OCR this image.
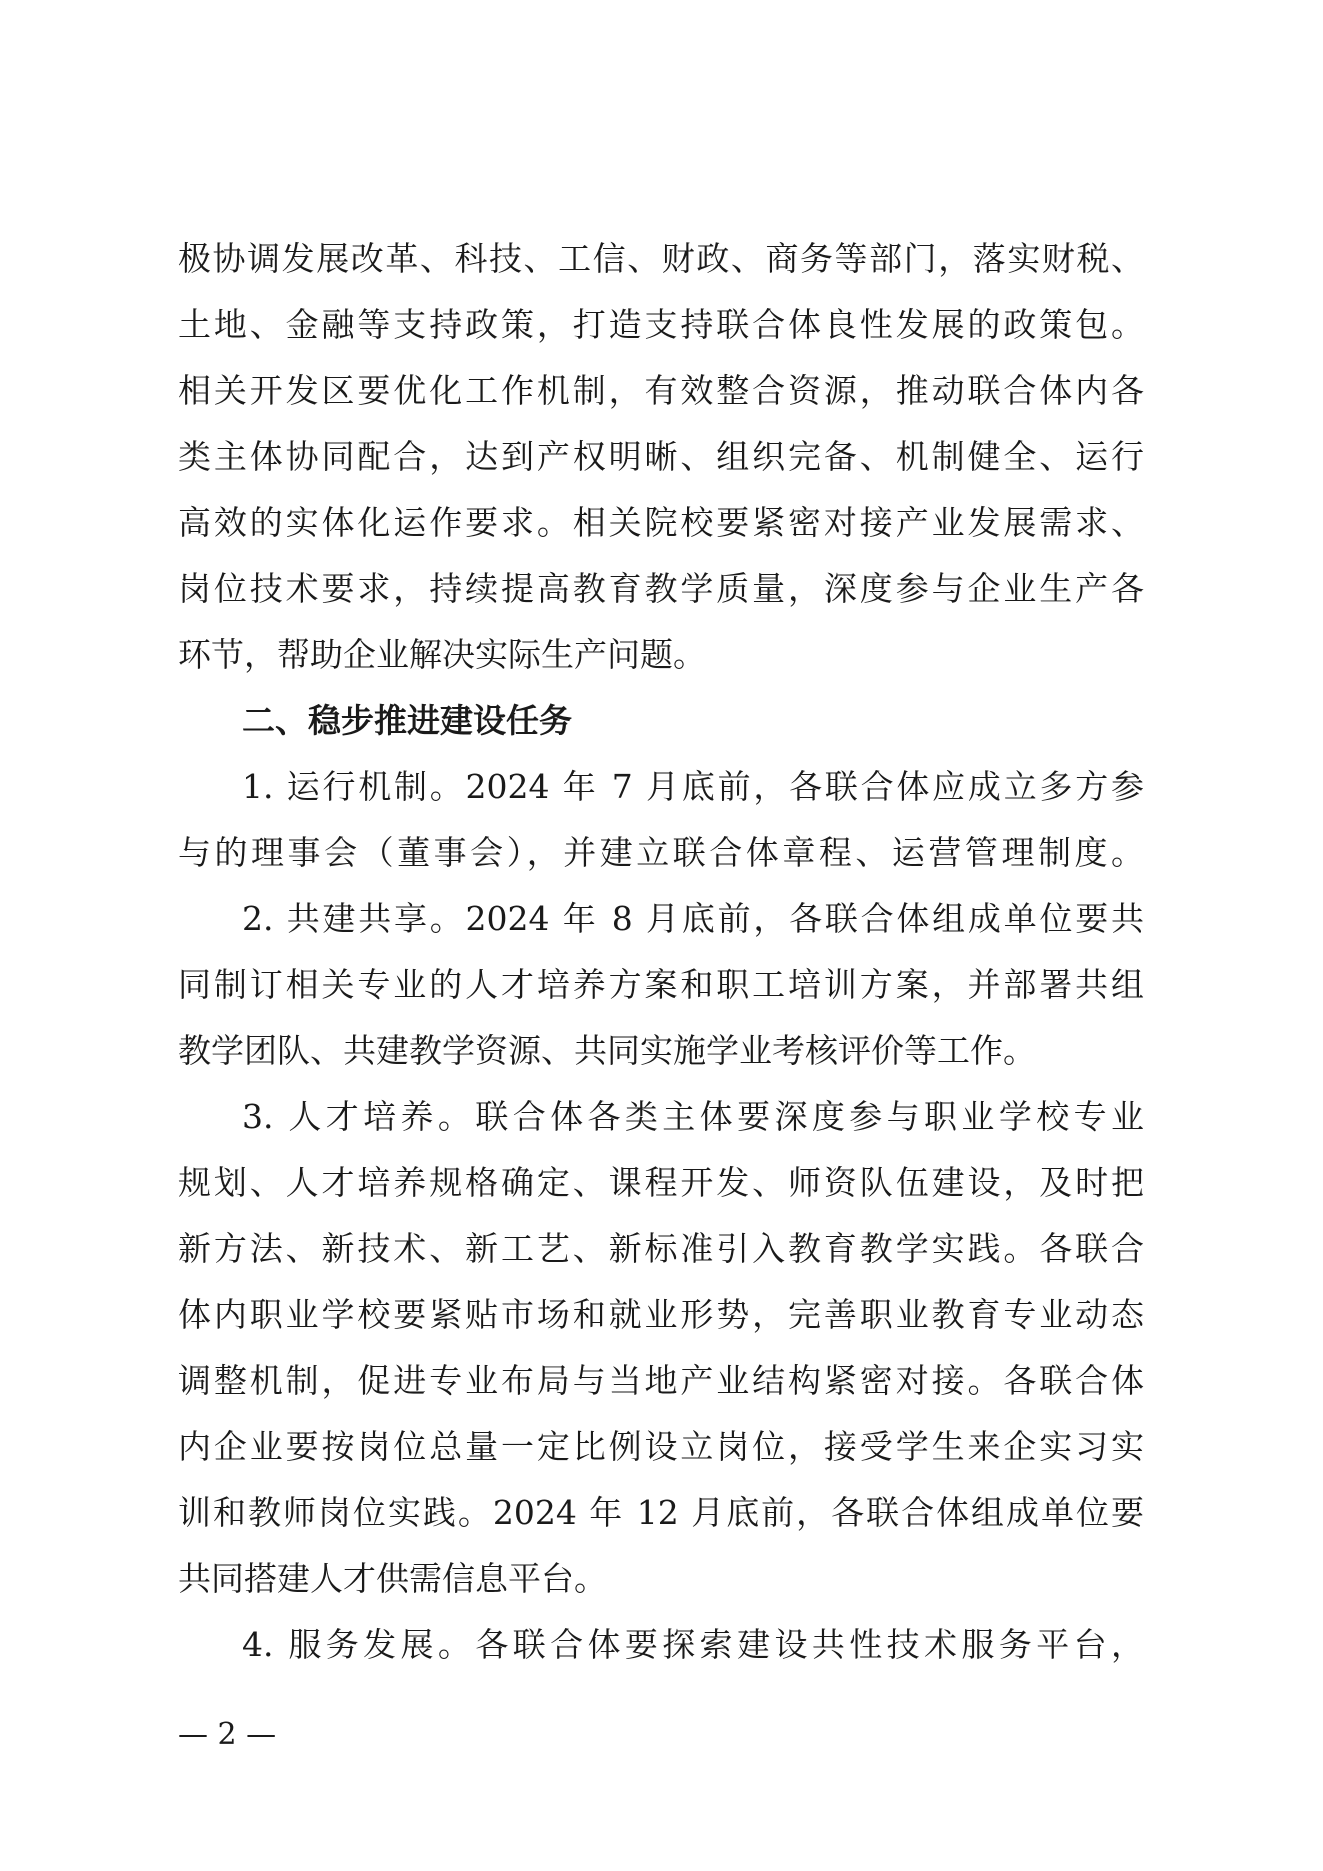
极协调发展改革、科技、工信、财政、商务等部门，落实财税、
土地、金融等支持政策，打造支持联合体良性发展的政策包。
相关开发区要优化工作机制，有效整合资源，推动联合体内各
类主体协同配合，达到产权明晰、组织完备、机制健全、运行
高效的实体化运作要求。相关院校要紧密对接产业发展需求、
岗位技术要求，持续提高教育教学质量，深度参与企业生产各
环节，帮助企业解决实际生产问题。
二、稳步推进建设任务
1. 运行机制。2024 年 7 月底前，各联合体应成立多方参
与的理事会（董事会），并建立联合体章程、运营管理制度。
2. 共建共享。2024 年 8 月底前，各联合体组成单位要共
同制订相关专业的人才培养方案和职工培训方案，并部署共组
教学团队、共建教学资源、共同实施学业考核评价等工作。
3. 人才培养。联合体各类主体要深度参与职业学校专业
规划、人才培养规格确定、课程开发、师资队伍建设，及时把
新方法、新技术、新工艺、新标准引入教育教学实践。各联合
体内职业学校要紧贴市场和就业形势，完善职业教育专业动态
调整机制，促进专业布局与当地产业结构紧密对接。各联合体
内企业要按岗位总量一定比例设立岗位，接受学生来企实习实
训和教师岗位实践。2024 年 12 月底前，各联合体组成单位要
共同搭建人才供需信息平台。
4. 服务发展。各联合体要探索建设共性技术服务平台，
— 2 —
